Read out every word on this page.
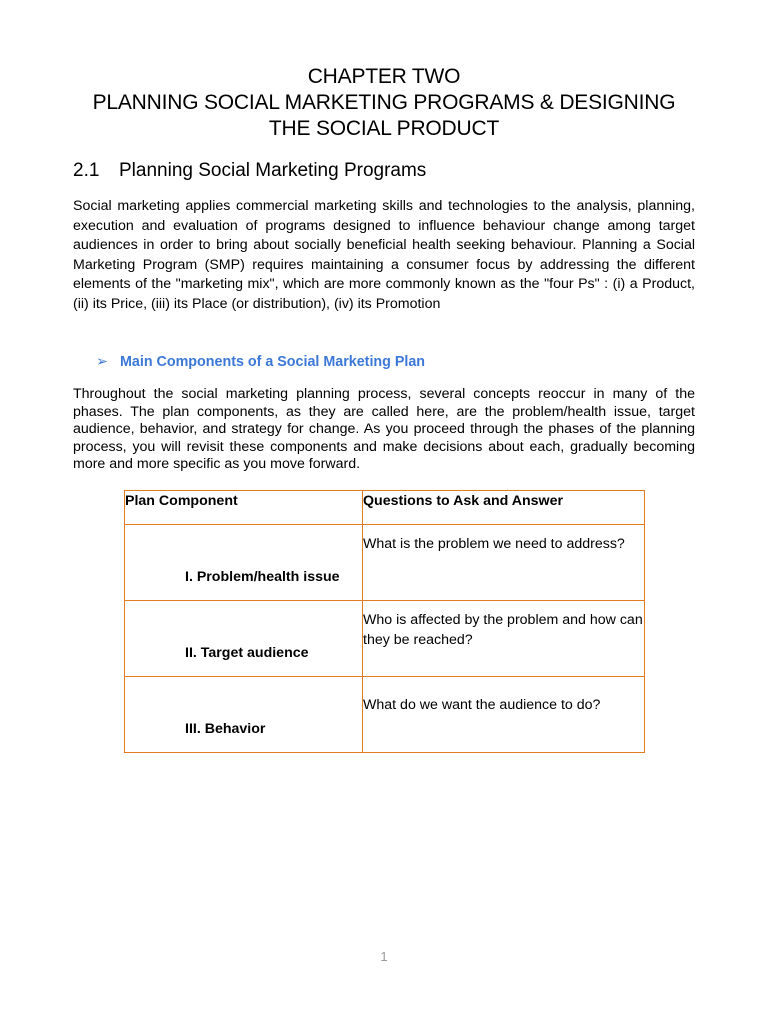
CHAPTER TWO
PLANNING SOCIAL MARKETING PROGRAMS & DESIGNING
THE SOCIAL PRODUCT
2.1 Planning Social Marketing Programs
Social marketing applies commercial marketing skills and technologies to the analysis, planning, execution and evaluation of programs designed to influence behaviour change among target audiences in order to bring about socially beneficial health seeking behaviour. Planning a Social Marketing Program (SMP) requires maintaining a consumer focus by addressing the different elements of the "marketing mix", which are more commonly known as the "four Ps" : (i) a Product, (ii) its Price, (iii) its Place (or distribution), (iv) its Promotion
➢ Main Components of a Social Marketing Plan
Throughout the social marketing planning process, several concepts reoccur in many of the phases. The plan components, as they are called here, are the problem/health issue, target audience, behavior, and strategy for change. As you proceed through the phases of the planning process, you will revisit these components and make decisions about each, gradually becoming more and more specific as you move forward.
Plan Component	Questions to Ask and Answer

I. Problem/health issue	What is the problem we need to address?

II. Target audience	Who is affected by the problem and how can they be reached?

III. Behavior	What do we want the audience to do?
1
